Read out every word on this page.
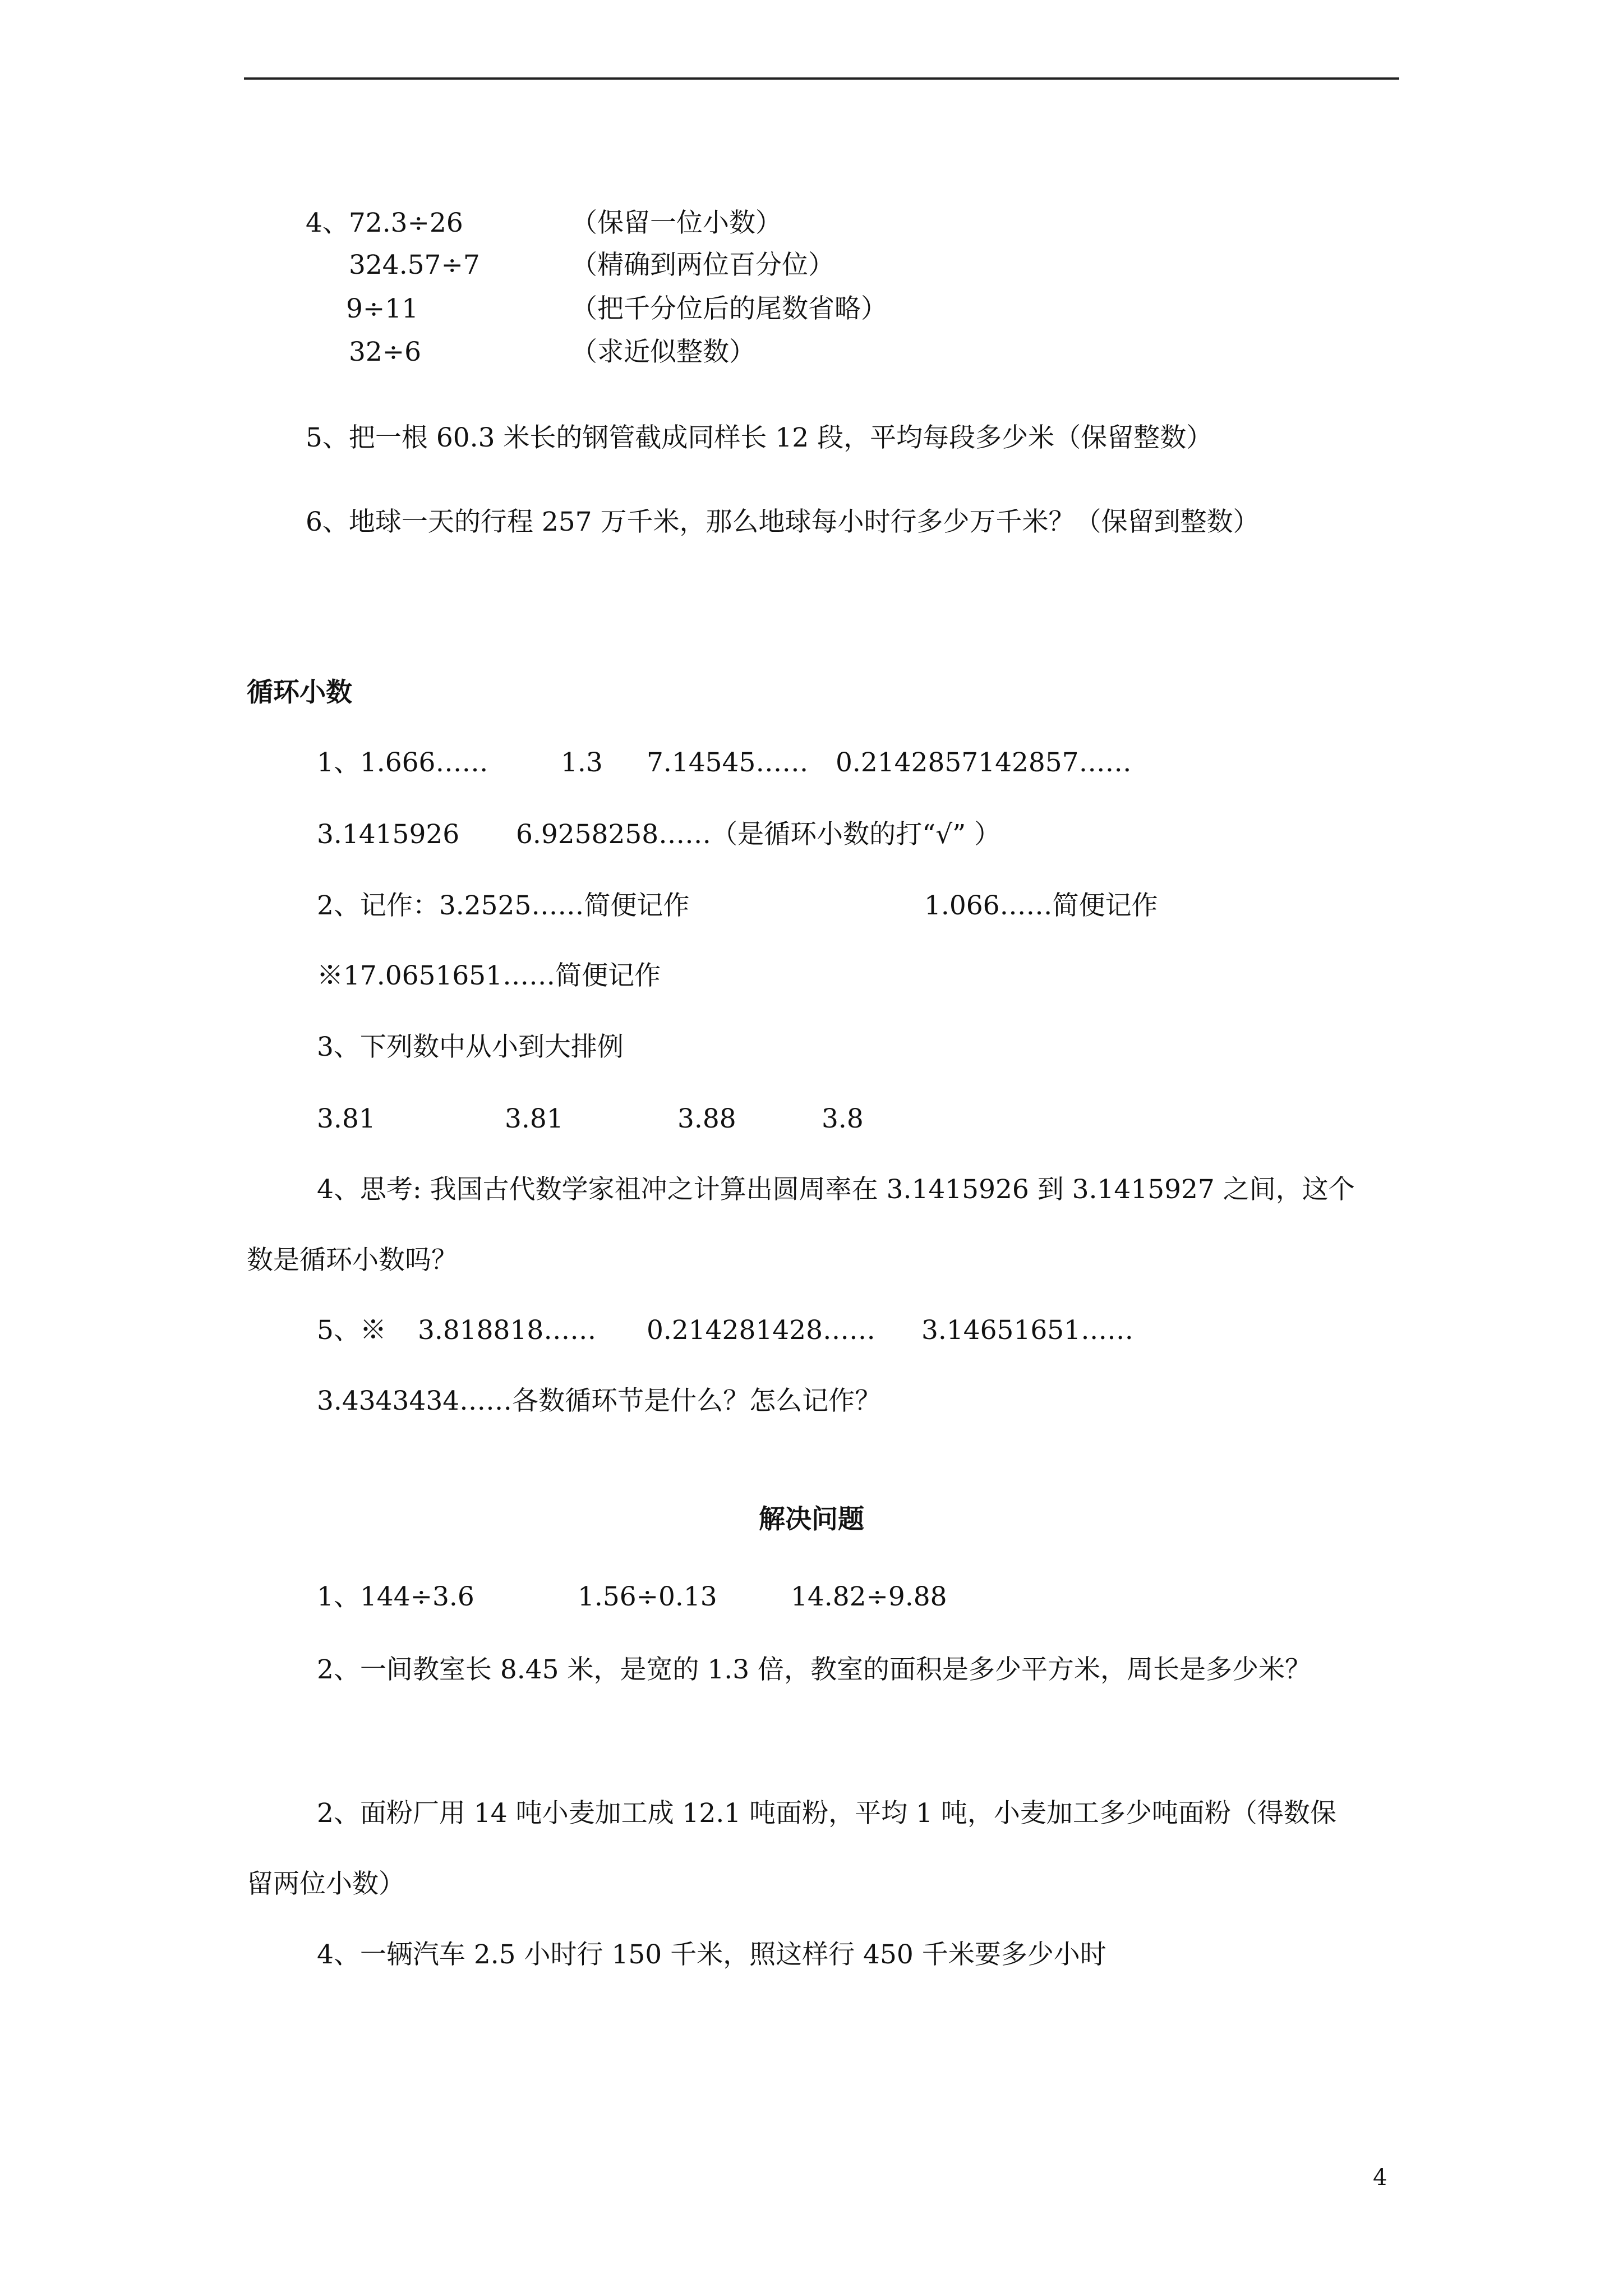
4、72.3÷26	（保留一位小数）
324.57÷7	（精确到两位百分位）
9÷11	（把千分位后的尾数省略）
32÷6	（求近似整数）
5、把一根 60.3 米长的钢管截成同样长 12 段，平均每段多少米（保留整数）
6、地球一天的行程 257 万千米，那么地球每小时行多少万千米？（保留到整数）
循环小数
1、1.666……	1.3 7.14545…… 0.2142857142857……
3.1415926 6.9258258……（是循环小数的打“√” ）
2、记作：3.2525……简便记作	1.066……简便记作
※17.0651651……简便记作
3、下列数中从小到大排例
3.81	3.81	3.88	3.8
4、思考: 我国古代数学家祖冲之计算出圆周率在 3.1415926 到 3.1415927 之间，这个
数是循环小数吗？
5、※ 3.818818…… 0.214281428…… 3.14651651……
3.4343434……各数循环节是什么？怎么记作？
解决问题
1、144÷3.6	1.56÷0.13	14.82÷9.88
2、一间教室长 8.45 米，是宽的 1.3 倍，教室的面积是多少平方米，周长是多少米？
2、面粉厂用 14 吨小麦加工成 12.1 吨面粉，平均 1 吨，小麦加工多少吨面粉（得数保
留两位小数）
4、一辆汽车 2.5 小时行 150 千米，照这样行 450 千米要多少小时
4
